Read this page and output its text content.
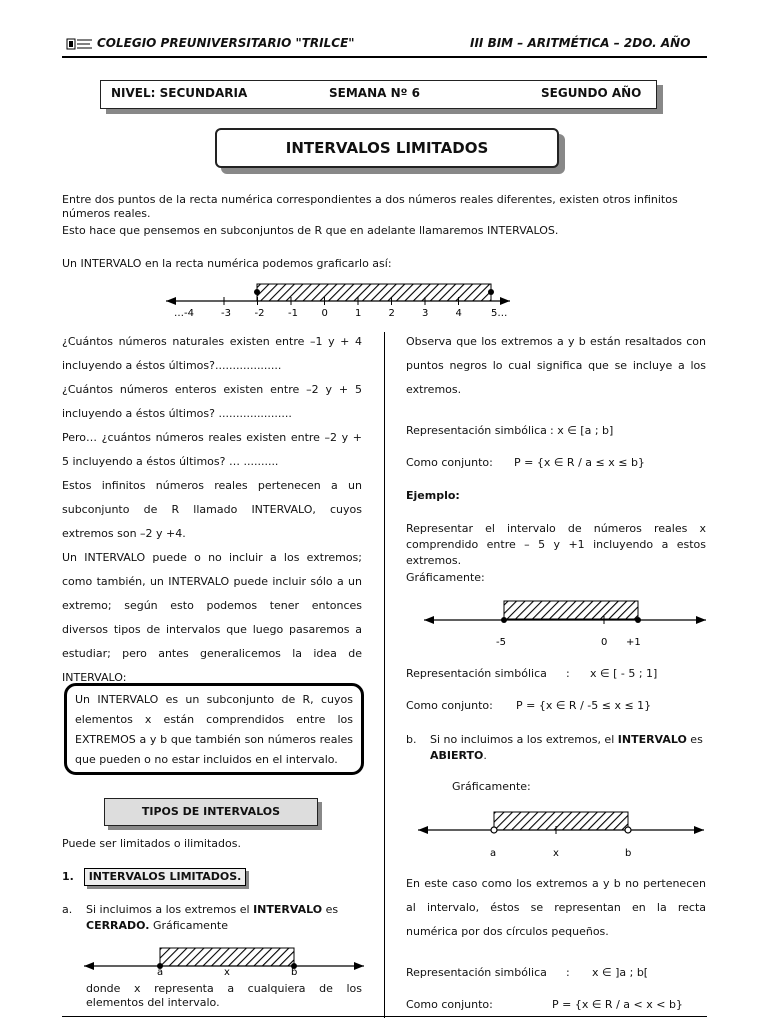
COLEGIO PREUNIVERSITARIO "TRILCE"	III BIM – ARITMÉTICA – 2DO. AÑO
NIVEL: SECUNDARIA	SEMANA Nº 6	SEGUNDO AÑO
INTERVALOS LIMITADOS
Entre dos puntos de la recta numérica correspondientes a dos números reales diferentes, existen otros infinitos números reales.
Esto hace que pensemos en subconjuntos de R que en adelante llamaremos INTERVALOS.
Un INTERVALO en la recta numérica podemos graficarlo así:
-3 -2 -1 0	1	2	3	4
…-4	5…
¿Cuántos números naturales existen entre –1 y + 4 incluyendo a éstos últimos?...................
¿Cuántos números enteros existen entre –2 y + 5 incluyendo a éstos últimos? .....................
Pero… ¿cuántos números reales existen entre –2 y + 5 incluyendo a éstos últimos? … ..........
Estos infinitos números reales pertenecen a un subconjunto de R llamado INTERVALO, cuyos extremos son –2 y +4.
Un INTERVALO puede o no incluir a los extremos; como también, un INTERVALO puede incluir sólo a un extremo; según esto podemos tener entonces diversos tipos de intervalos que luego pasaremos a estudiar; pero antes generalicemos la idea de INTERVALO:
Un INTERVALO es un subconjunto de R, cuyos elementos x están comprendidos entre los EXTREMOS a y b que también son números reales que pueden o no estar incluidos en el intervalo.
TIPOS DE INTERVALOS
Puede ser limitados o ilimitados.
1. INTERVALOS LIMITADOS.
a. Si incluimos a los extremos el INTERVALO es CERRADO. Gráficamente
a	x	b
donde x representa a cualquiera de los elementos del intervalo.
Observa que los extremos a y b están resaltados con puntos negros lo cual significa que se incluye a los extremos.
Representación simbólica : x ∈ [a ; b]
Como conjunto: P = {x ∈ R / a ≤ x ≤ b}
Ejemplo:
Representar el intervalo de números reales x comprendido entre – 5 y +1 incluyendo a estos extremos.
Gráficamente:
-5	0 +1
Representación simbólica : x ∈ [ - 5 ; 1]
Como conjunto: P = {x ∈ R / -5 ≤ x ≤ 1}
b. Si no incluimos a los extremos, el INTERVALO es ABIERTO.
Gráficamente:
a	x	b
En este caso como los extremos a y b no pertenecen al intervalo, éstos se representan en la recta numérica por dos círculos pequeños.
Representación simbólica : x ∈ ]a ; b[
Como conjunto:	P = {x ∈ R / a < x < b}
